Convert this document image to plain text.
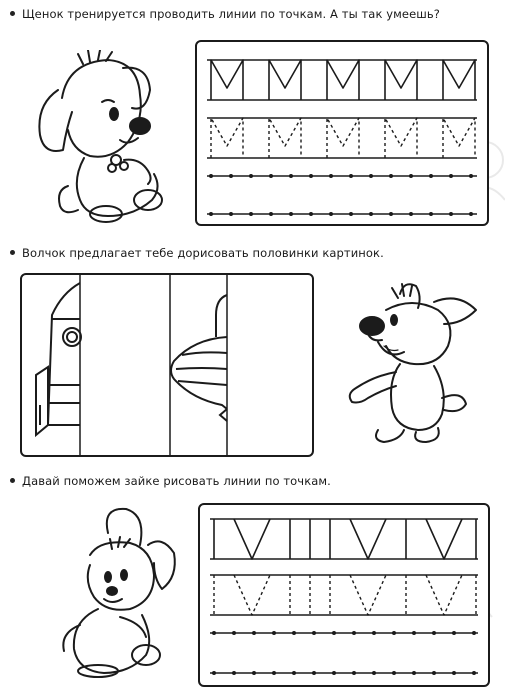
Щенок тренируется проводить линии по точкам. А ты так умеешь?
Волчок предлагает тебе дорисовать половинки картинок.
Давай поможем зайке рисовать линии по точкам.
